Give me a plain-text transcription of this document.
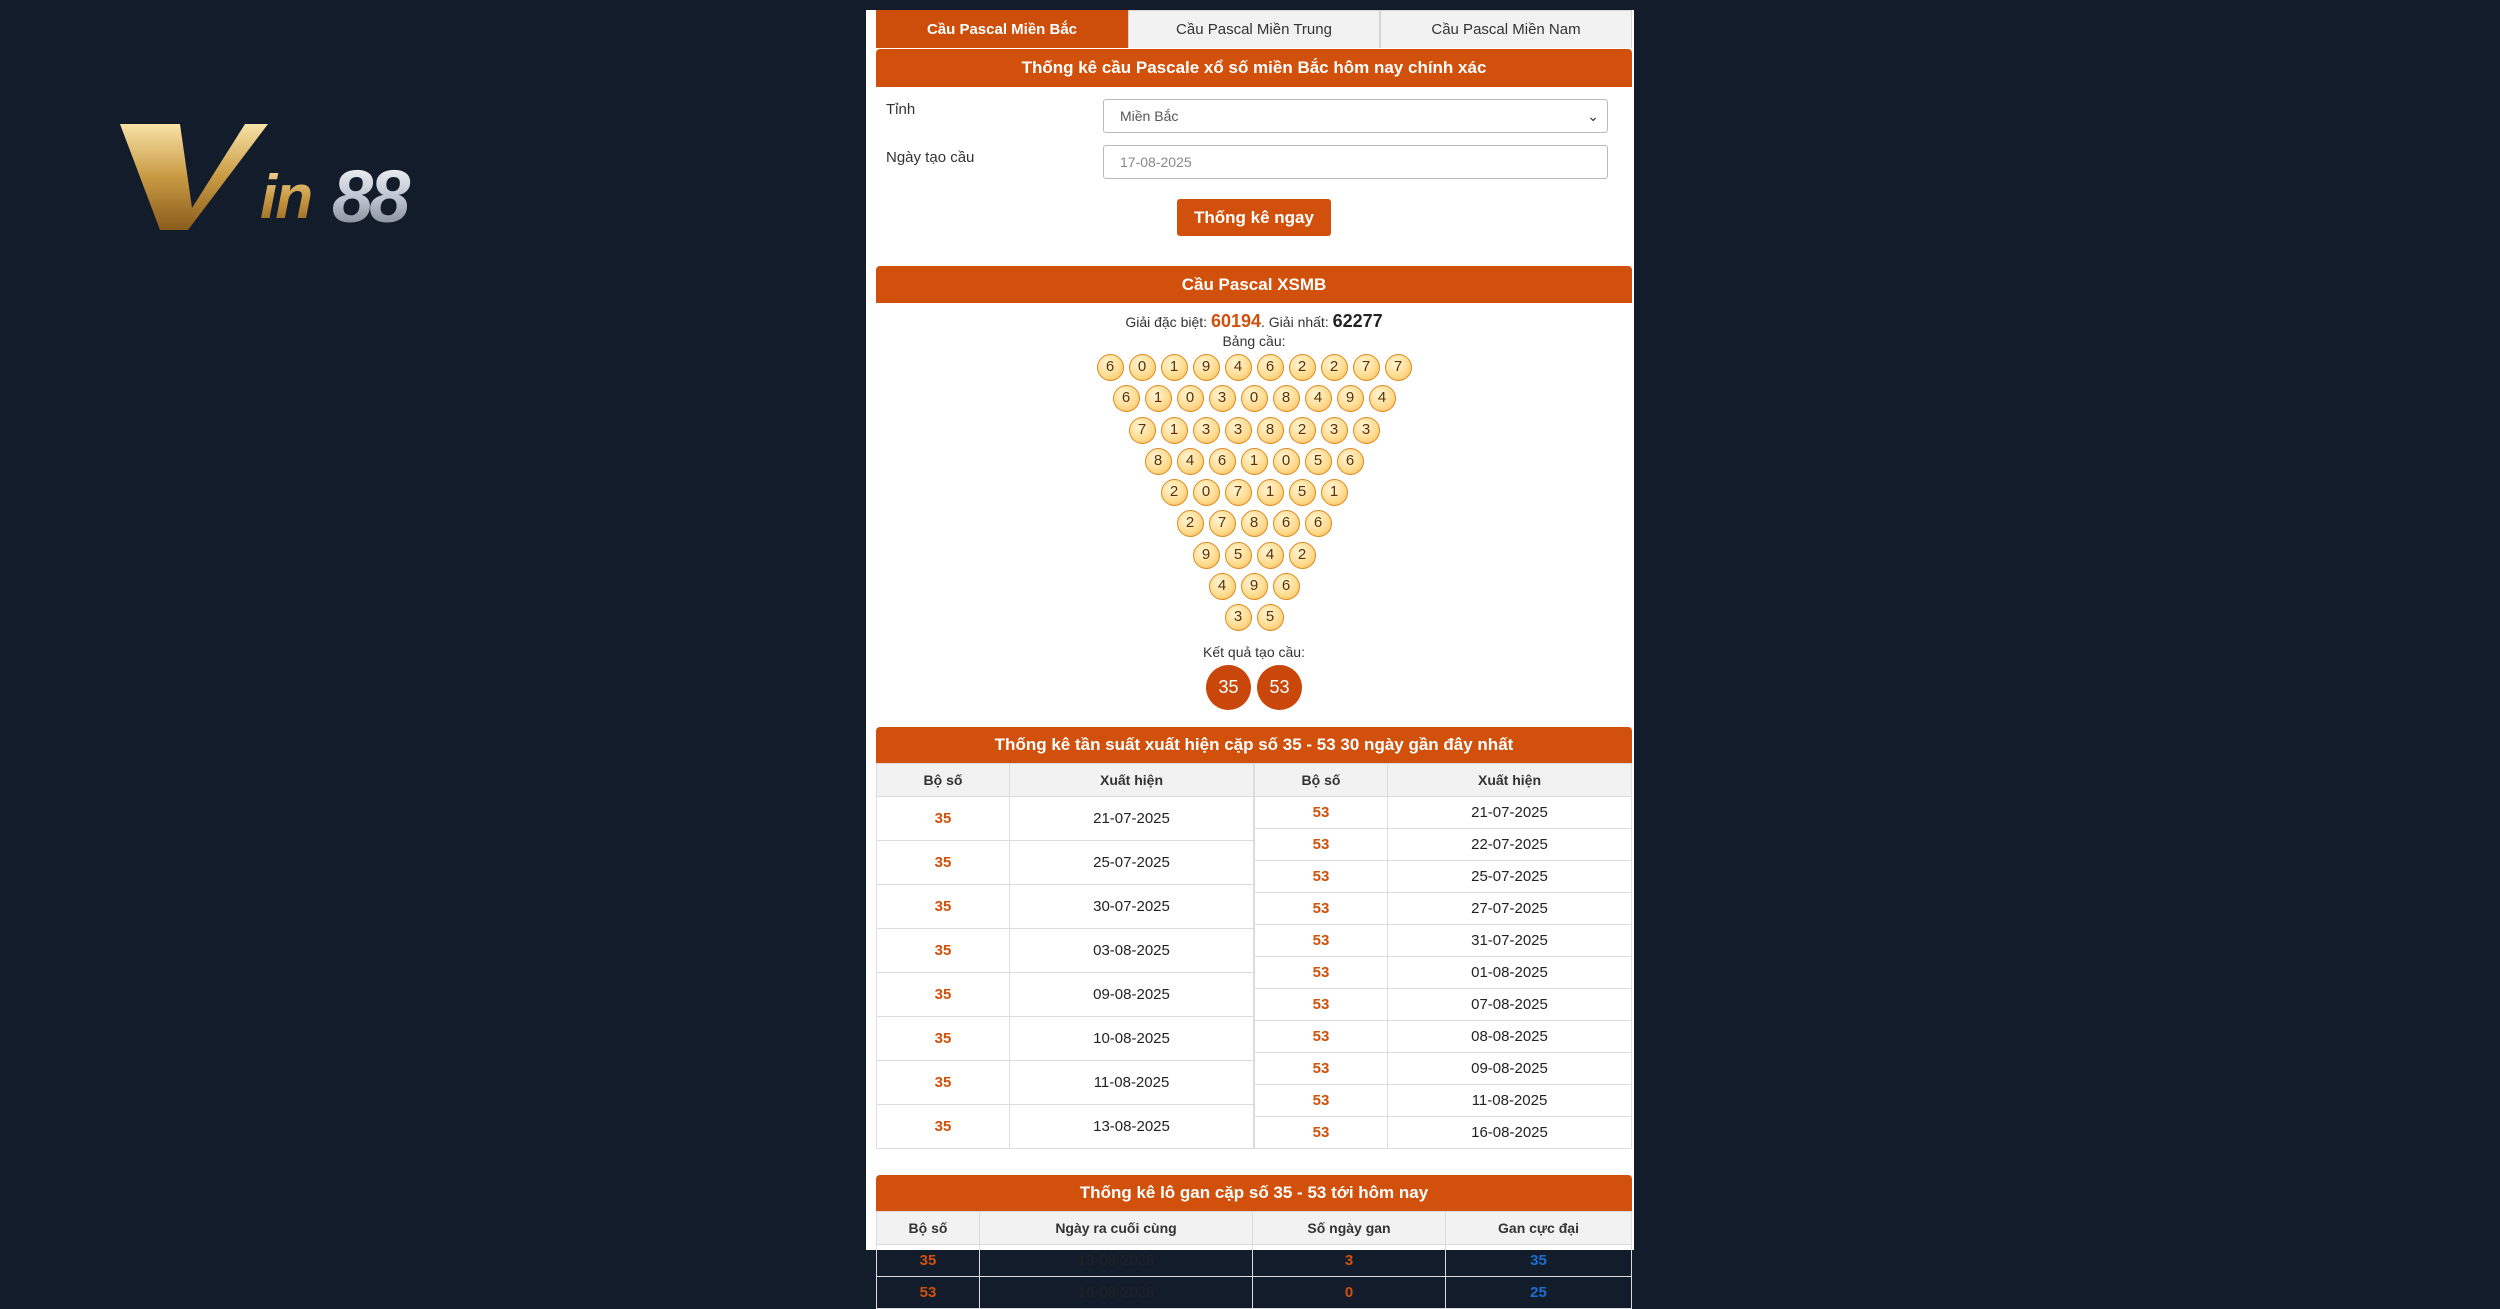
in 88
Cầu Pascal Miền Bắc	Cầu Pascal Miền Trung	Cầu Pascal Miền Nam
Thống kê cầu Pascale xổ số miền Bắc hôm nay chính xác
Tỉnh	Miền Bắc	⌄
Ngày tạo cầu	17-08-2025
Thống kê ngay
Cầu Pascal XSMB
Giải đặc biệt: 60194. Giải nhất: 62277
Bảng cầu:
6	0	1	9	4	6	2	2	7	7
6	1	0	3	0	8	4	9	4
7	1	3	3	8	2	3	3
8	4	6	1	0	5	6
2	0	7	1	5	1
2	7	8	6	6
9	5	4	2
4	9	6
3	5
Kết quả tạo cầu:
35	53
Thống kê tần suất xuất hiện cặp số 35 - 53 30 ngày gần đây nhất
Bộ số	Xuất hiện
35	21-07-2025
35	25-07-2025
35	30-07-2025
35	03-08-2025
35	09-08-2025
35	10-08-2025
35	11-08-2025
35	13-08-2025
Bộ số	Xuất hiện
53	21-07-2025
53	22-07-2025
53	25-07-2025
53	27-07-2025
53	31-07-2025
53	01-08-2025
53	07-08-2025
53	08-08-2025
53	09-08-2025
53	11-08-2025
53	16-08-2025
Thống kê lô gan cặp số 35 - 53 tới hôm nay
Bộ số	Ngày ra cuối cùng	Số ngày gan	Gan cực đại
35	13-08-2025	3	35
53	16-08-2025	0	25
